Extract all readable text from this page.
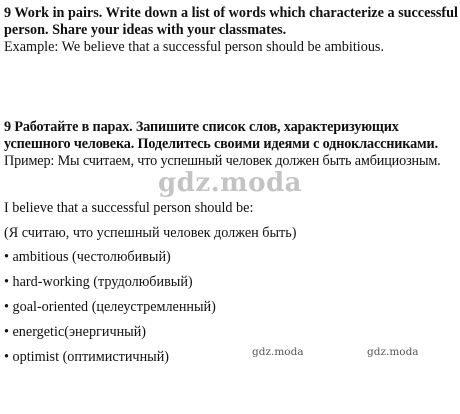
9 Work in pairs. Write down a list of words which characterize a successful
person. Share your ideas with your classmates.
Example: We believe that a successful person should be ambitious.
9 Работайте в парах. Запишите список слов, характеризующих
успешного человека. Поделитесь своими идеями с одноклассниками.
Пример: Мы считаем, что успешный человек должен быть амбициозным.
gdz.moda
I believe that a successful person should be:
(Я считаю, что успешный человек должен быть)
• ambitious (честолюбивый)
• hard-working (трудолюбивый)
• goal-oriented (целеустремленный)
• energetic(энергичный)
• optimist (оптимистичный)	gdz.moda	gdz.moda
